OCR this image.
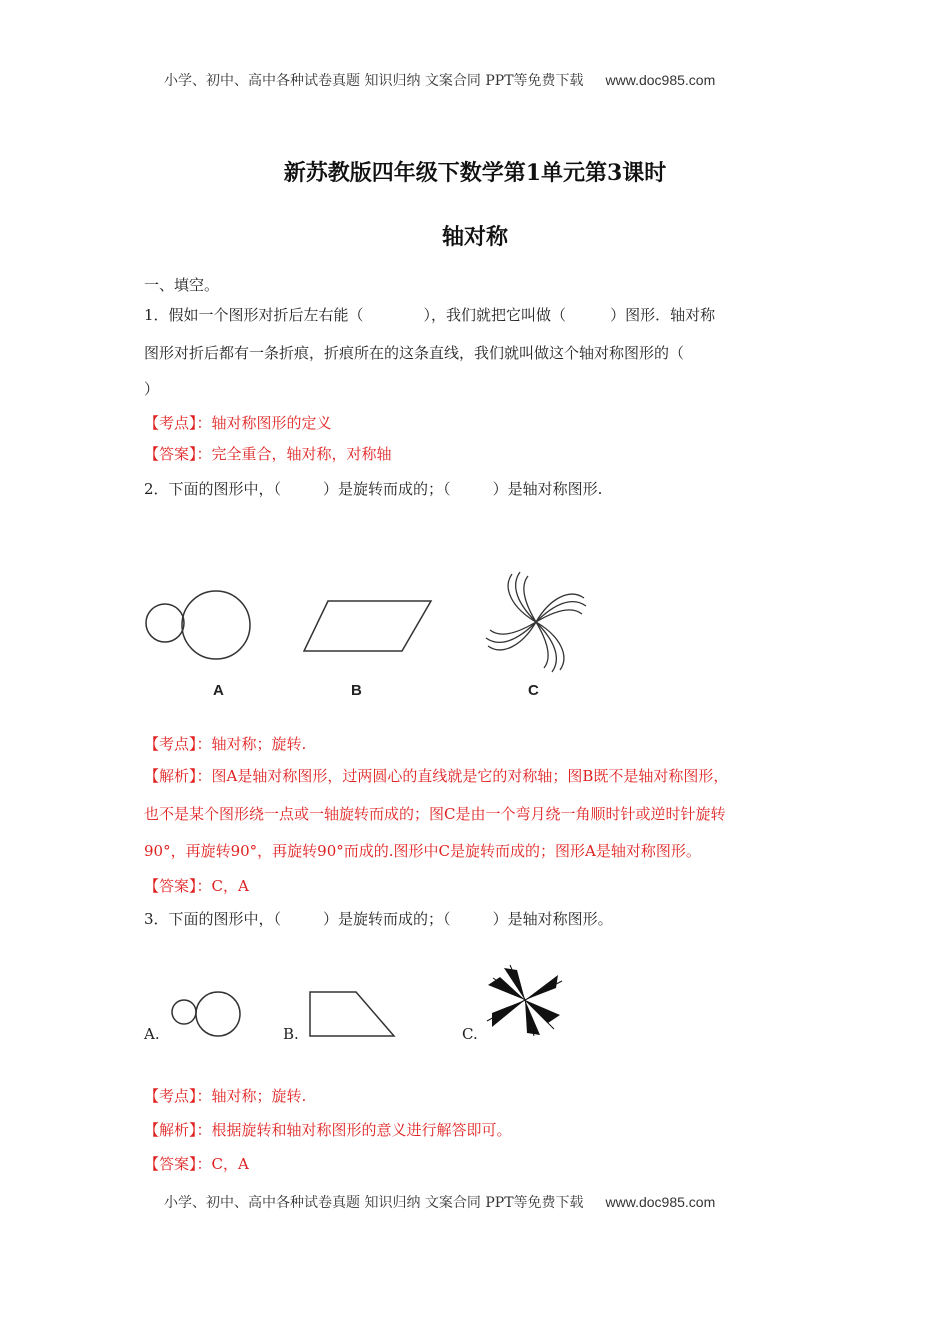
小学、初中、高中各种试卷真题 知识归纳 文案合同 PPT等免费下载 www.doc985.com
新苏教版四年级下数学第1单元第3课时
轴对称
一、填空。
1．假如一个图形对折后左右能（	），我们就把它叫做（	）图形．轴对称
图形对折后都有一条折痕，折痕所在的这条直线，我们就叫做这个轴对称图形的（
）
【考点】：轴对称图形的定义
【答案】：完全重合，轴对称，对称轴
2．下面的图形中，（	）是旋转而成的；（	）是轴对称图形.
A	B	C
【考点】：轴对称；旋转.
【解析】：图A是轴对称图形，过两圆心的直线就是它的对称轴；图B既不是轴对称图形，
也不是某个图形绕一点或一轴旋转而成的；图C是由一个弯月绕一角顺时针或逆时针旋转
90°，再旋转90°，再旋转90°而成的.图形中C是旋转而成的；图形A是轴对称图形。
【答案】：C，A
3．下面的图形中，（	）是旋转而成的；（	）是轴对称图形。
A.	B.	C.
【考点】：轴对称；旋转.
【解析】：根据旋转和轴对称图形的意义进行解答即可。
【答案】：C，A
小学、初中、高中各种试卷真题 知识归纳 文案合同 PPT等免费下载 www.doc985.com
